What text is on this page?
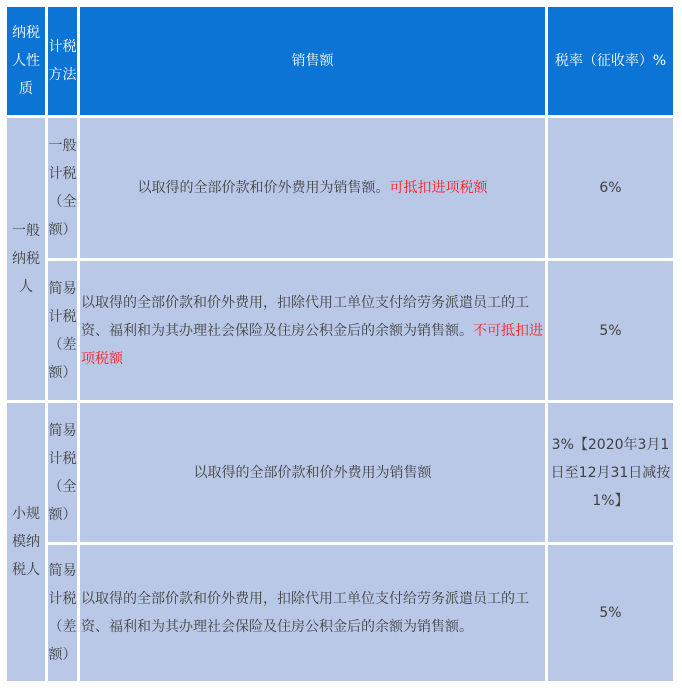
纳税人性质	计税方法	销售额	税率（征收率）%
一般纳税人	一般计税（全额）	以取得的全部价款和价外费用为销售额。可抵扣进项税额	6%
	简易计税（差额）	以取得的全部价款和价外费用，扣除代用工单位支付给劳务派遣员工的工资、福利和为其办理社会保险及住房公积金后的余额为销售额。不可抵扣进项税额	5%
小规模纳税人	简易计税（全额）	以取得的全部价款和价外费用为销售额	3%【2020年3月1日至12月31日减按1%】
	简易计税（差额）	以取得的全部价款和价外费用，扣除代用工单位支付给劳务派遣员工的工资、福利和为其办理社会保险及住房公积金后的余额为销售额。	5%
